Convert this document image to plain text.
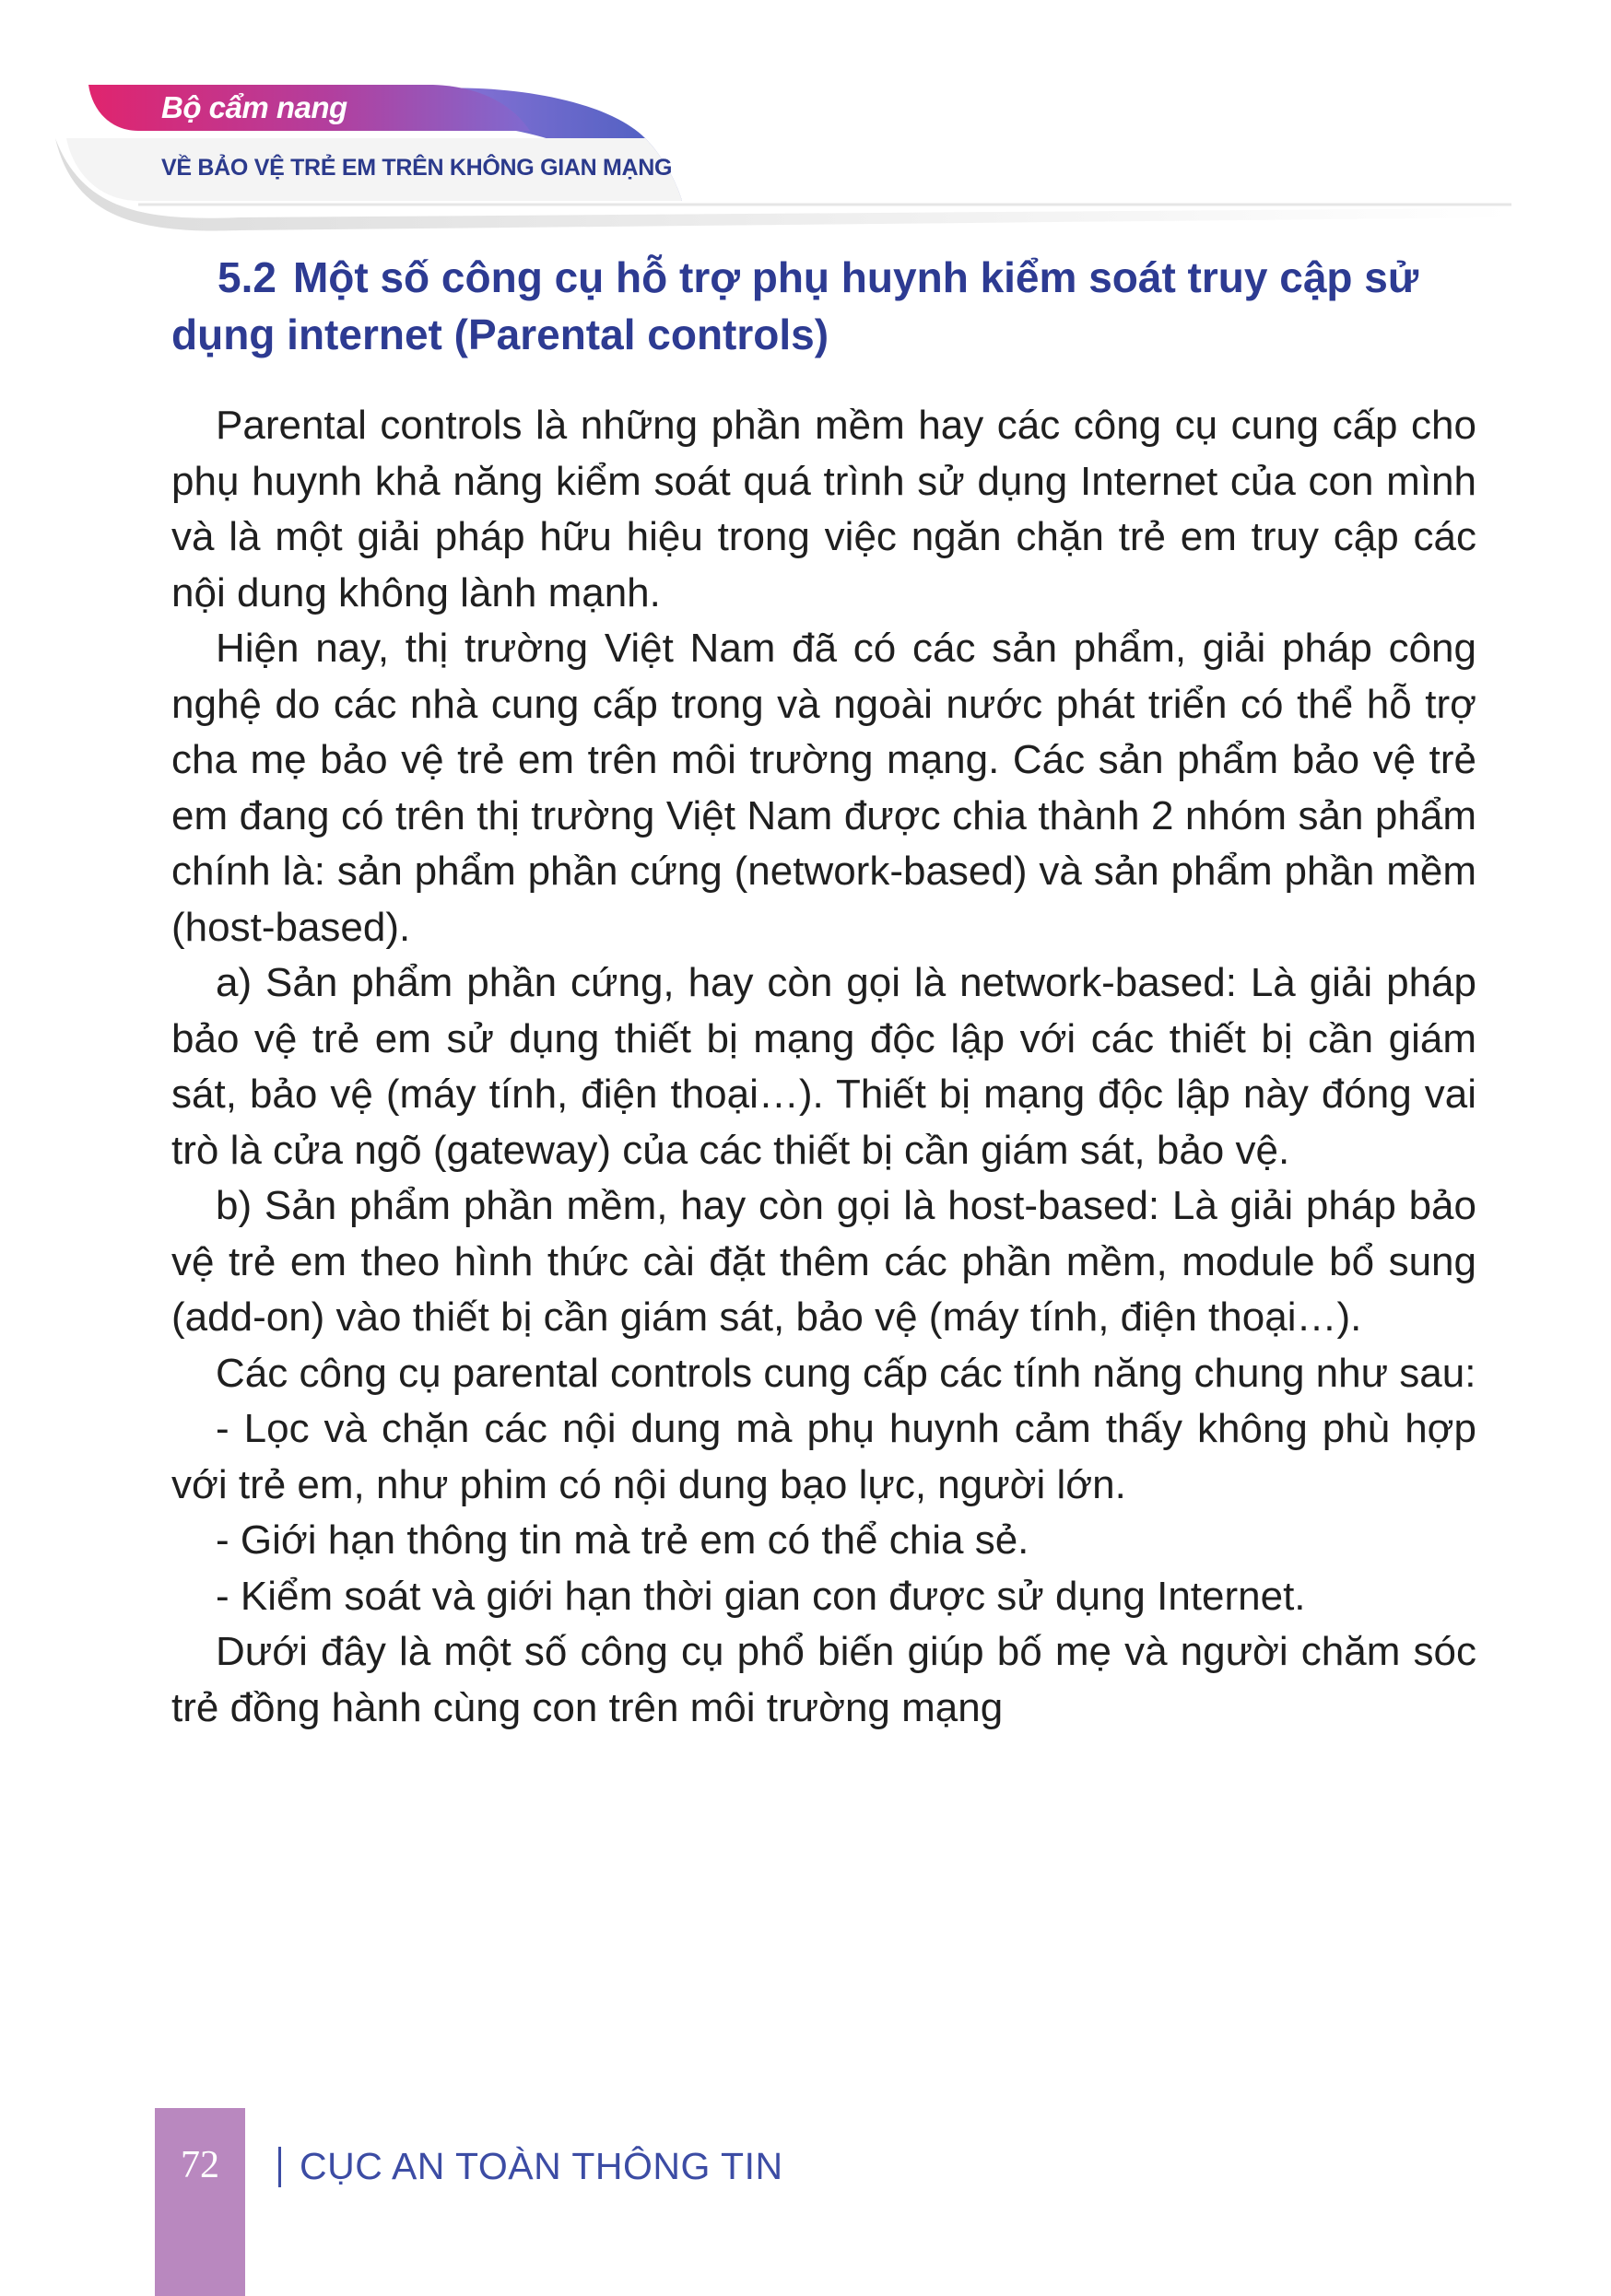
Bộ cẩm nang
VỀ BẢO VỆ TRẺ EM TRÊN KHÔNG GIAN MẠNG
5.2 Một số công cụ hỗ trợ phụ huynh kiểm soát truy cập sử dụng internet (Parental controls)

Parental controls là những phần mềm hay các công cụ cung cấp cho phụ huynh khả năng kiểm soát quá trình sử dụng Internet của con mình và là một giải pháp hữu hiệu trong việc ngăn chặn trẻ em truy cập các nội dung không lành mạnh.

Hiện nay, thị trường Việt Nam đã có các sản phẩm, giải pháp công nghệ do các nhà cung cấp trong và ngoài nước phát triển có thể hỗ trợ cha mẹ bảo vệ trẻ em trên môi trường mạng. Các sản phẩm bảo vệ trẻ em đang có trên thị trường Việt Nam được chia thành 2 nhóm sản phẩm chính là: sản phẩm phần cứng (network-based) và sản phẩm phần mềm (host-based).

a) Sản phẩm phần cứng, hay còn gọi là network-based: Là giải pháp bảo vệ trẻ em sử dụng thiết bị mạng độc lập với các thiết bị cần giám sát, bảo vệ (máy tính, điện thoại…). Thiết bị mạng độc lập này đóng vai trò là cửa ngõ (gateway) của các thiết bị cần giám sát, bảo vệ.

b) Sản phẩm phần mềm, hay còn gọi là host-based: Là giải pháp bảo vệ trẻ em theo hình thức cài đặt thêm các phần mềm, module bổ sung (add-on) vào thiết bị cần giám sát, bảo vệ (máy tính, điện thoại…).

Các công cụ parental controls cung cấp các tính năng chung như sau:

- Lọc và chặn các nội dung mà phụ huynh cảm thấy không phù hợp với trẻ em, như phim có nội dung bạo lực, người lớn.

- Giới hạn thông tin mà trẻ em có thể chia sẻ.

- Kiểm soát và giới hạn thời gian con được sử dụng Internet.

Dưới đây là một số công cụ phổ biến giúp bố mẹ và người chăm sóc trẻ đồng hành cùng con trên môi trường mạng

72	CỤC AN TOÀN THÔNG TIN
